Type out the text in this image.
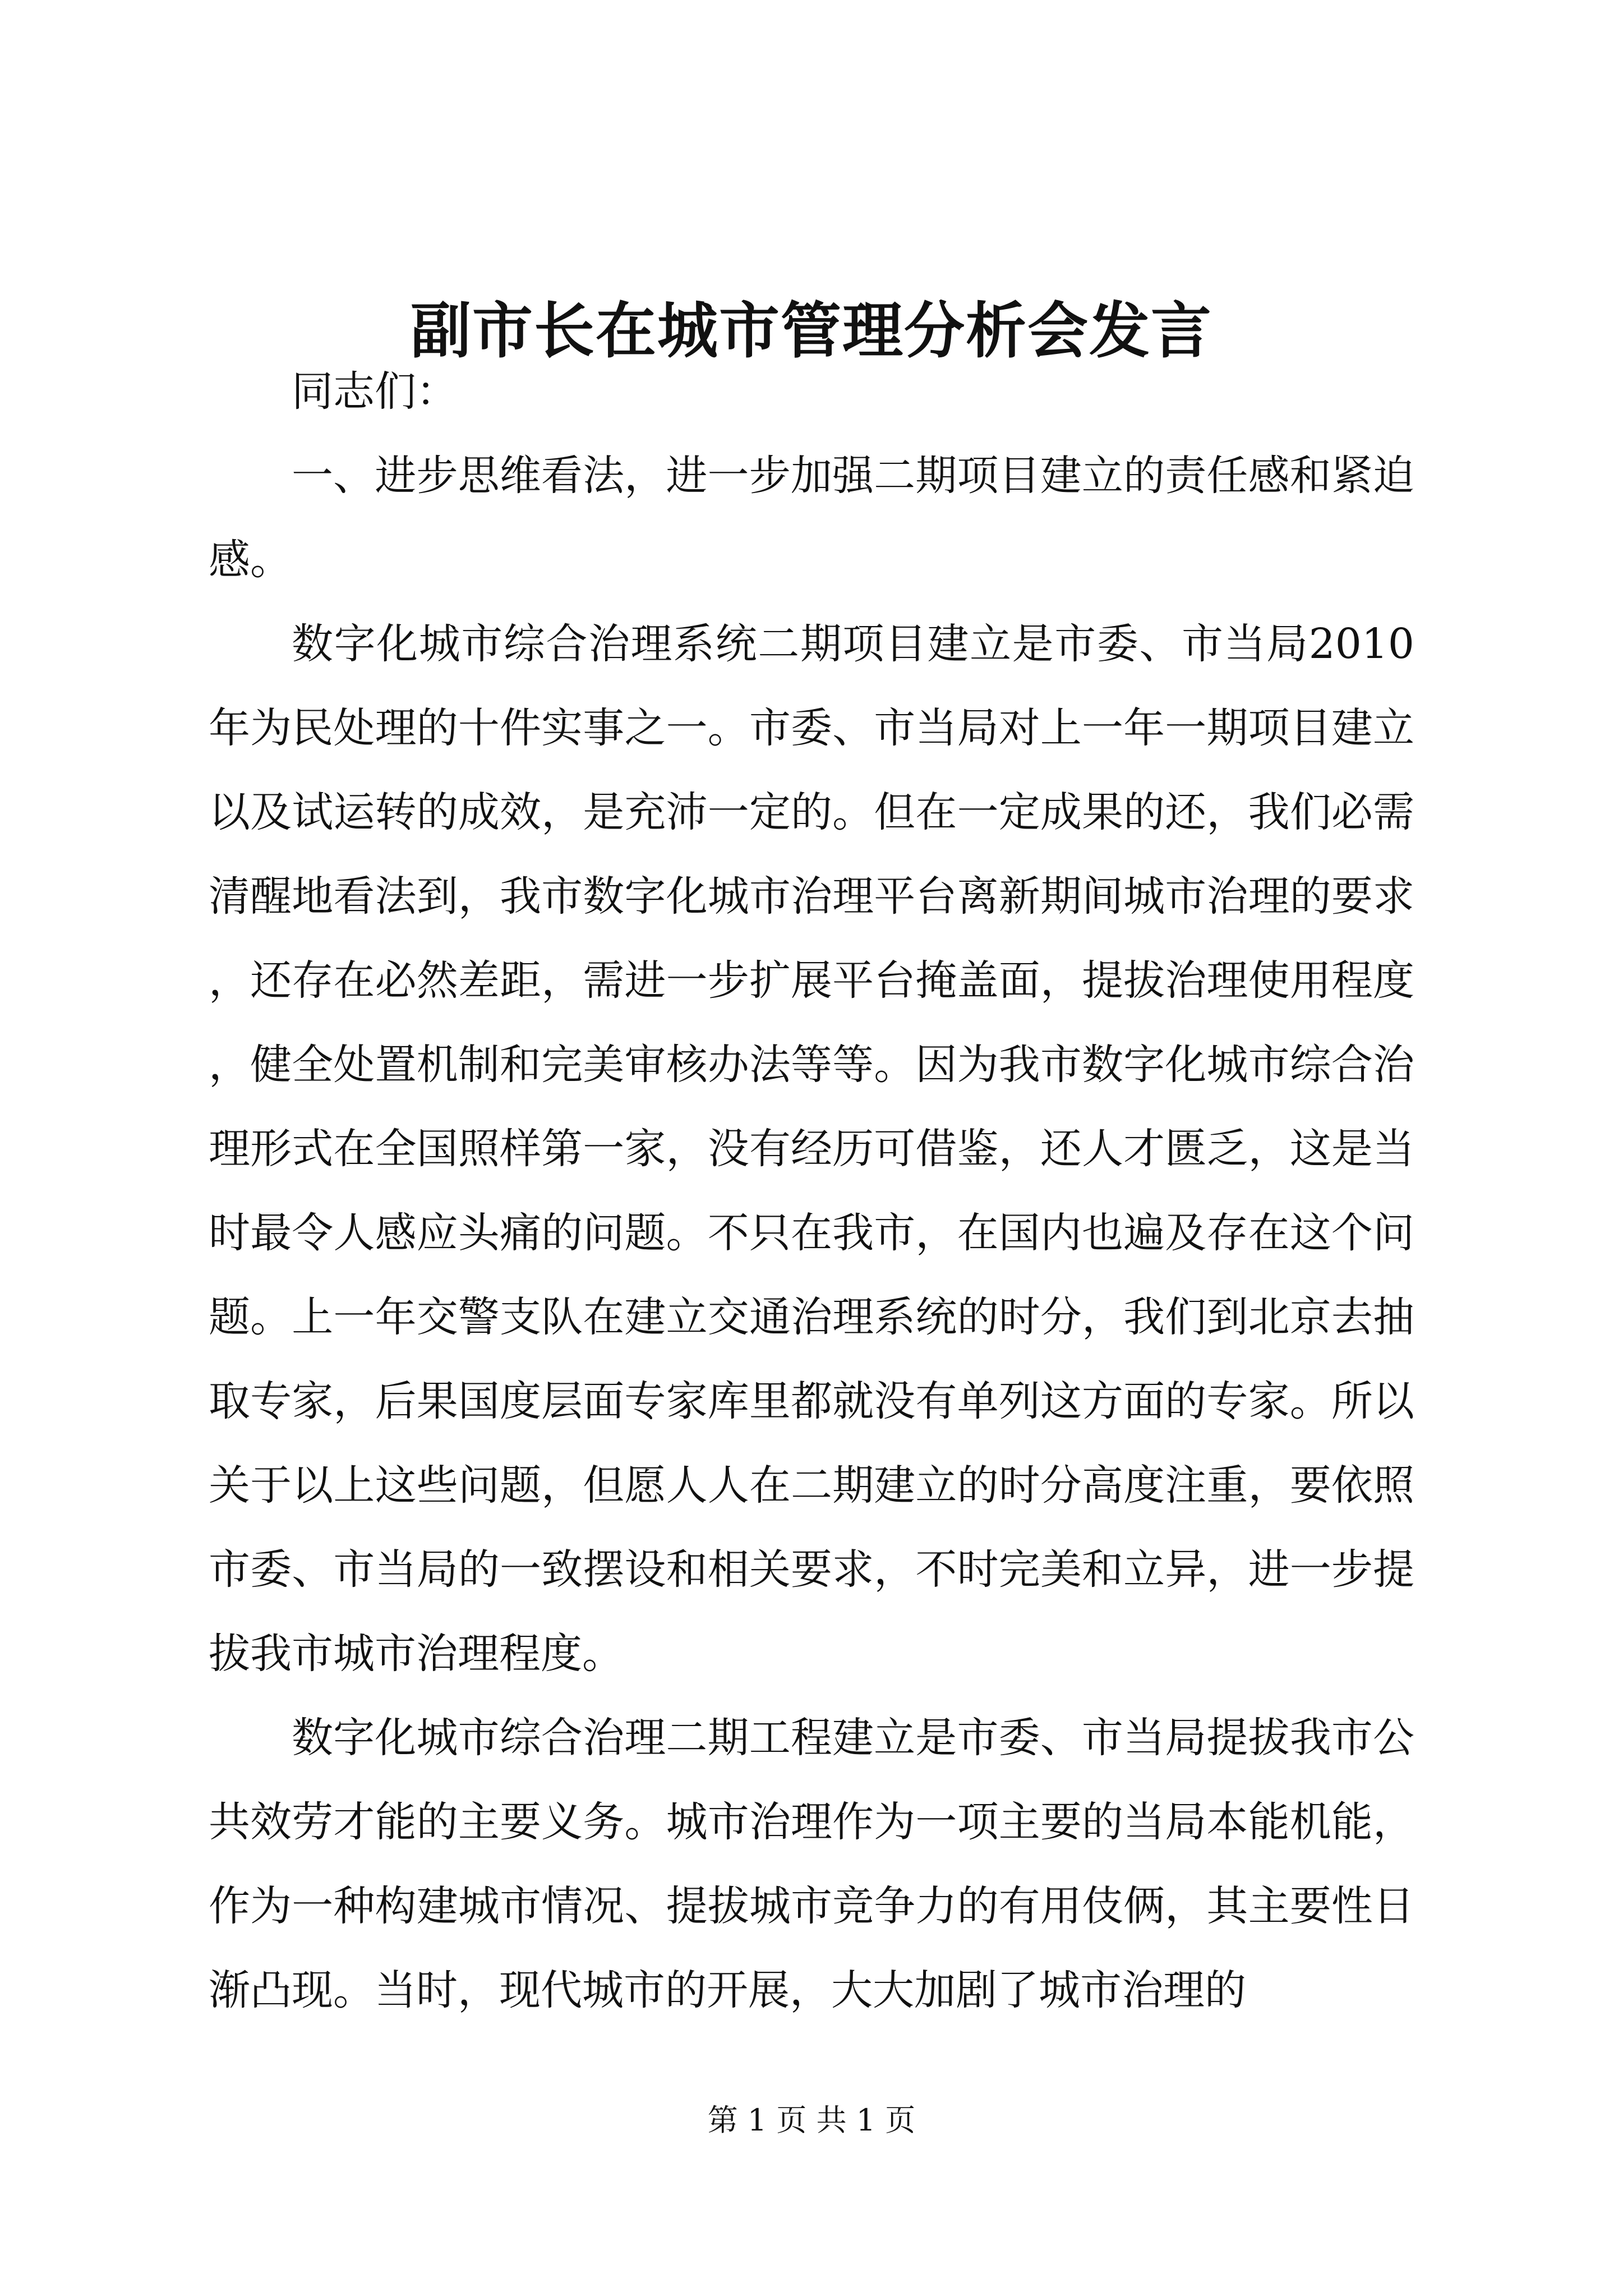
副市长在城市管理分析会发言

同志们：

一、进步思维看法，进一步加强二期项目建立的责任感和紧迫感。

数字化城市综合治理系统二期项目建立是市委、市当局2010年为民处理的十件实事之一。市委、市当局对上一年一期项目建立以及试运转的成效，是充沛一定的。但在一定成果的还，我们必需清醒地看法到，我市数字化城市治理平台离新期间城市治理的要求，还存在必然差距，需进一步扩展平台掩盖面，提拔治理使用程度，健全处置机制和完美审核办法等等。因为我市数字化城市综合治理形式在全国照样第一家，没有经历可借鉴，还人才匮乏，这是当时最令人感应头痛的问题。不只在我市，在国内也遍及存在这个问题。上一年交警支队在建立交通治理系统的时分，我们到北京去抽取专家，后果国度层面专家库里都就没有单列这方面的专家。所以关于以上这些问题，但愿人人在二期建立的时分高度注重，要依照市委、市当局的一致摆设和相关要求，不时完美和立异，进一步提拔我市城市治理程度。

数字化城市综合治理二期工程建立是市委、市当局提拔我市公共效劳才能的主要义务。城市治理作为一项主要的当局本能机能，作为一种构建城市情况、提拔城市竞争力的有用伎俩，其主要性日渐凸现。当时，现代城市的开展，大大加剧了城市治理的

第 1 页 共 1 页
